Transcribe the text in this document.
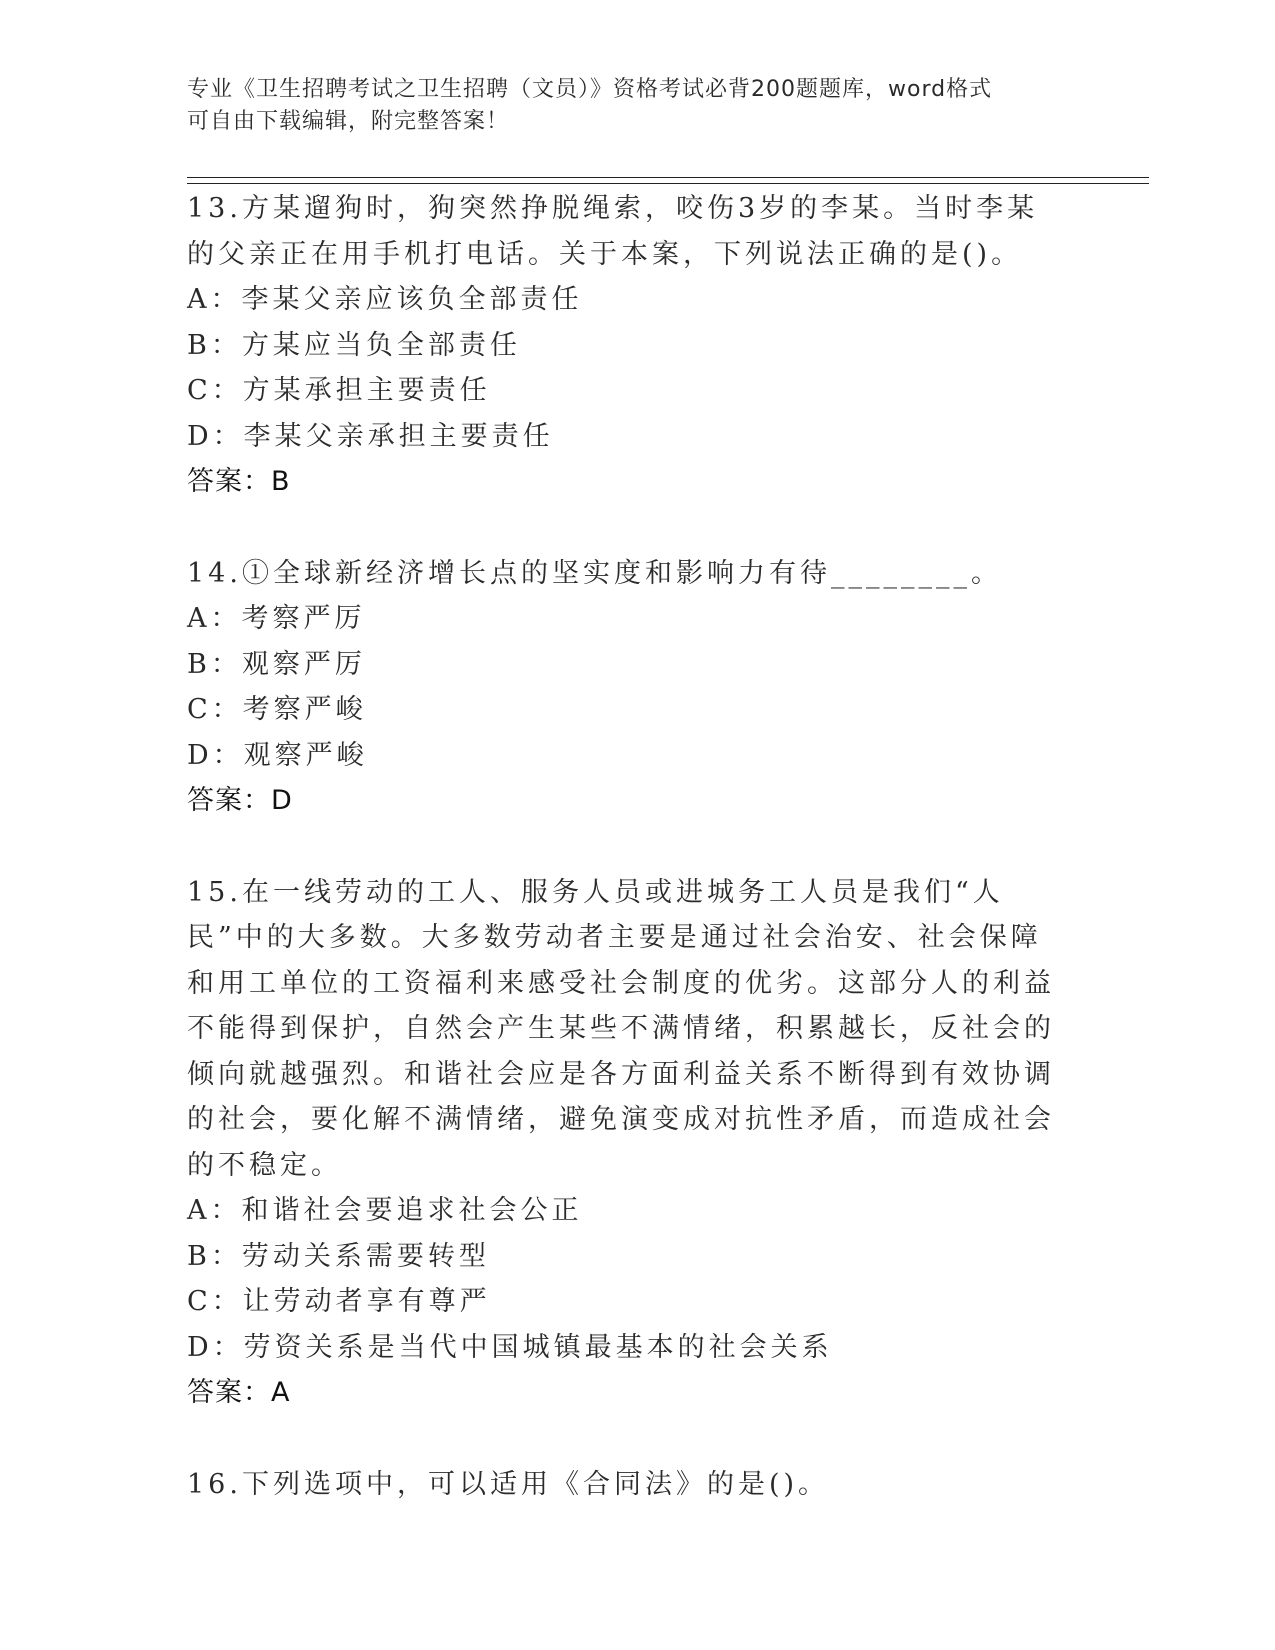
专业《卫生招聘考试之卫生招聘（文员）》资格考试必背200题题库，word格式
可自由下载编辑，附完整答案！

13.方某遛狗时，狗突然挣脱绳索，咬伤3岁的李某。当时李某的父亲正在用手机打电话。关于本案，下列说法正确的是()。

A：李某父亲应该负全部责任

B：方某应当负全部责任

C：方某承担主要责任

D：李某父亲承担主要责任

答案：B

14.①全球新经济增长点的坚实度和影响力有待________。

A：考察严厉

B：观察严厉

C：考察严峻

D：观察严峻

答案：D

15.在一线劳动的工人、服务人员或进城务工人员是我们“人民”中的大多数。大多数劳动者主要是通过社会治安、社会保障和用工单位的工资福利来感受社会制度的优劣。这部分人的利益不能得到保护，自然会产生某些不满情绪，积累越长，反社会的倾向就越强烈。和谐社会应是各方面利益关系不断得到有效协调的社会，要化解不满情绪，避免演变成对抗性矛盾，而造成社会的不稳定。

A：和谐社会要追求社会公正

B：劳动关系需要转型

C：让劳动者享有尊严

D：劳资关系是当代中国城镇最基本的社会关系

答案：A

16.下列选项中，可以适用《合同法》的是()。
